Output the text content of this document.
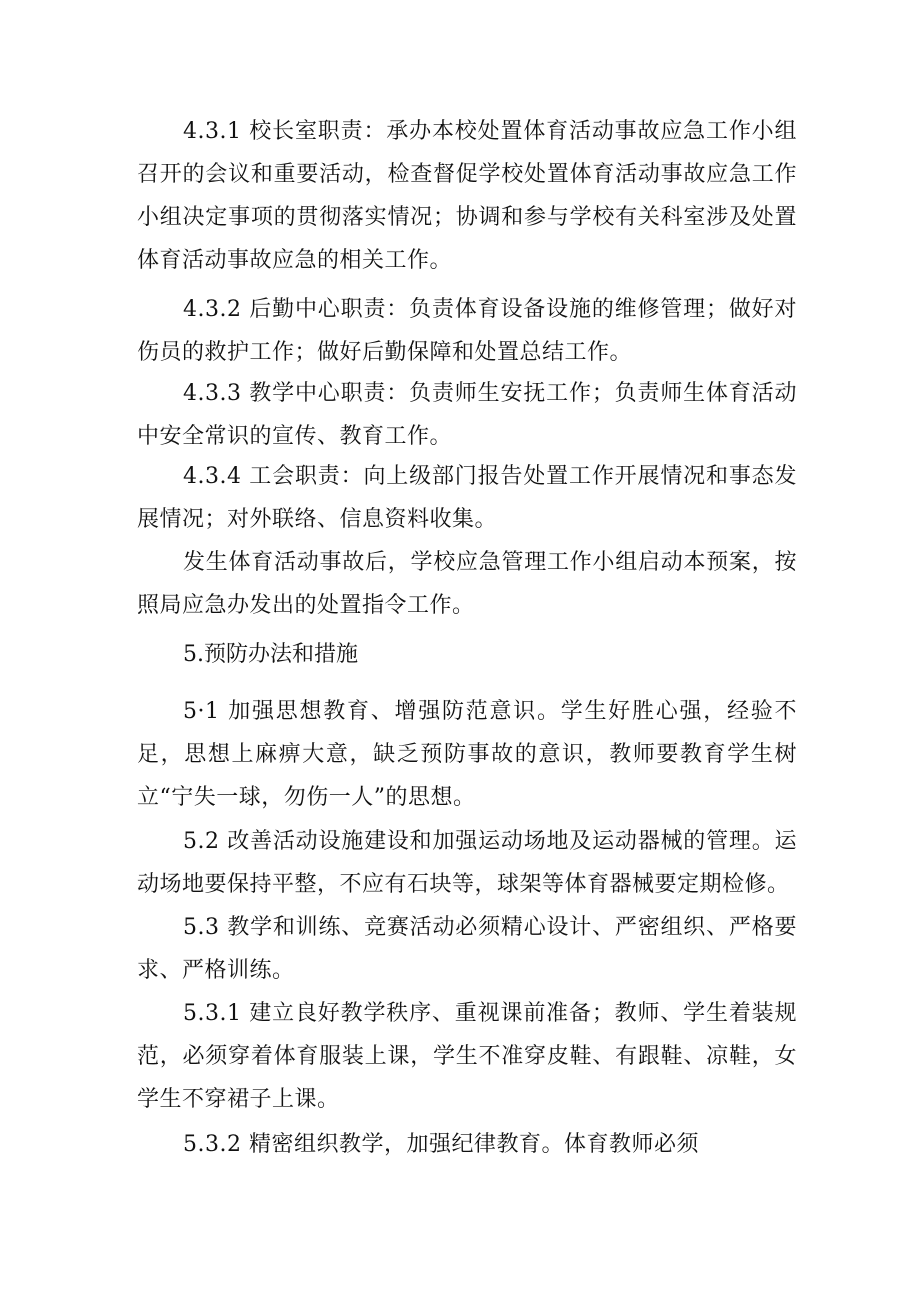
4.3.1 校长室职责：承办本校处置体育活动事故应急工作小组召开的会议和重要活动，检查督促学校处置体育活动事故应急工作小组决定事项的贯彻落实情况；协调和参与学校有关科室涉及处置体育活动事故应急的相关工作。

4.3.2 后勤中心职责：负责体育设备设施的维修管理；做好对伤员的救护工作；做好后勤保障和处置总结工作。

4.3.3 教学中心职责：负责师生安抚工作；负责师生体育活动中安全常识的宣传、教育工作。

4.3.4 工会职责：向上级部门报告处置工作开展情况和事态发展情况；对外联络、信息资料收集。

发生体育活动事故后，学校应急管理工作小组启动本预案，按照局应急办发出的处置指令工作。

5.预防办法和措施

5·1 加强思想教育、增强防范意识。学生好胜心强，经验不足，思想上麻痹大意，缺乏预防事故的意识，教师要教育学生树立“宁失一球，勿伤一人”的思想。

5.2 改善活动设施建设和加强运动场地及运动器械的管理。运动场地要保持平整，不应有石块等，球架等体育器械要定期检修。

5.3 教学和训练、竞赛活动必须精心设计、严密组织、严格要求、严格训练。

5.3.1 建立良好教学秩序、重视课前准备；教师、学生着装规范，必须穿着体育服装上课，学生不准穿皮鞋、有跟鞋、凉鞋，女学生不穿裙子上课。

5.3.2 精密组织教学，加强纪律教育。体育教师必须
